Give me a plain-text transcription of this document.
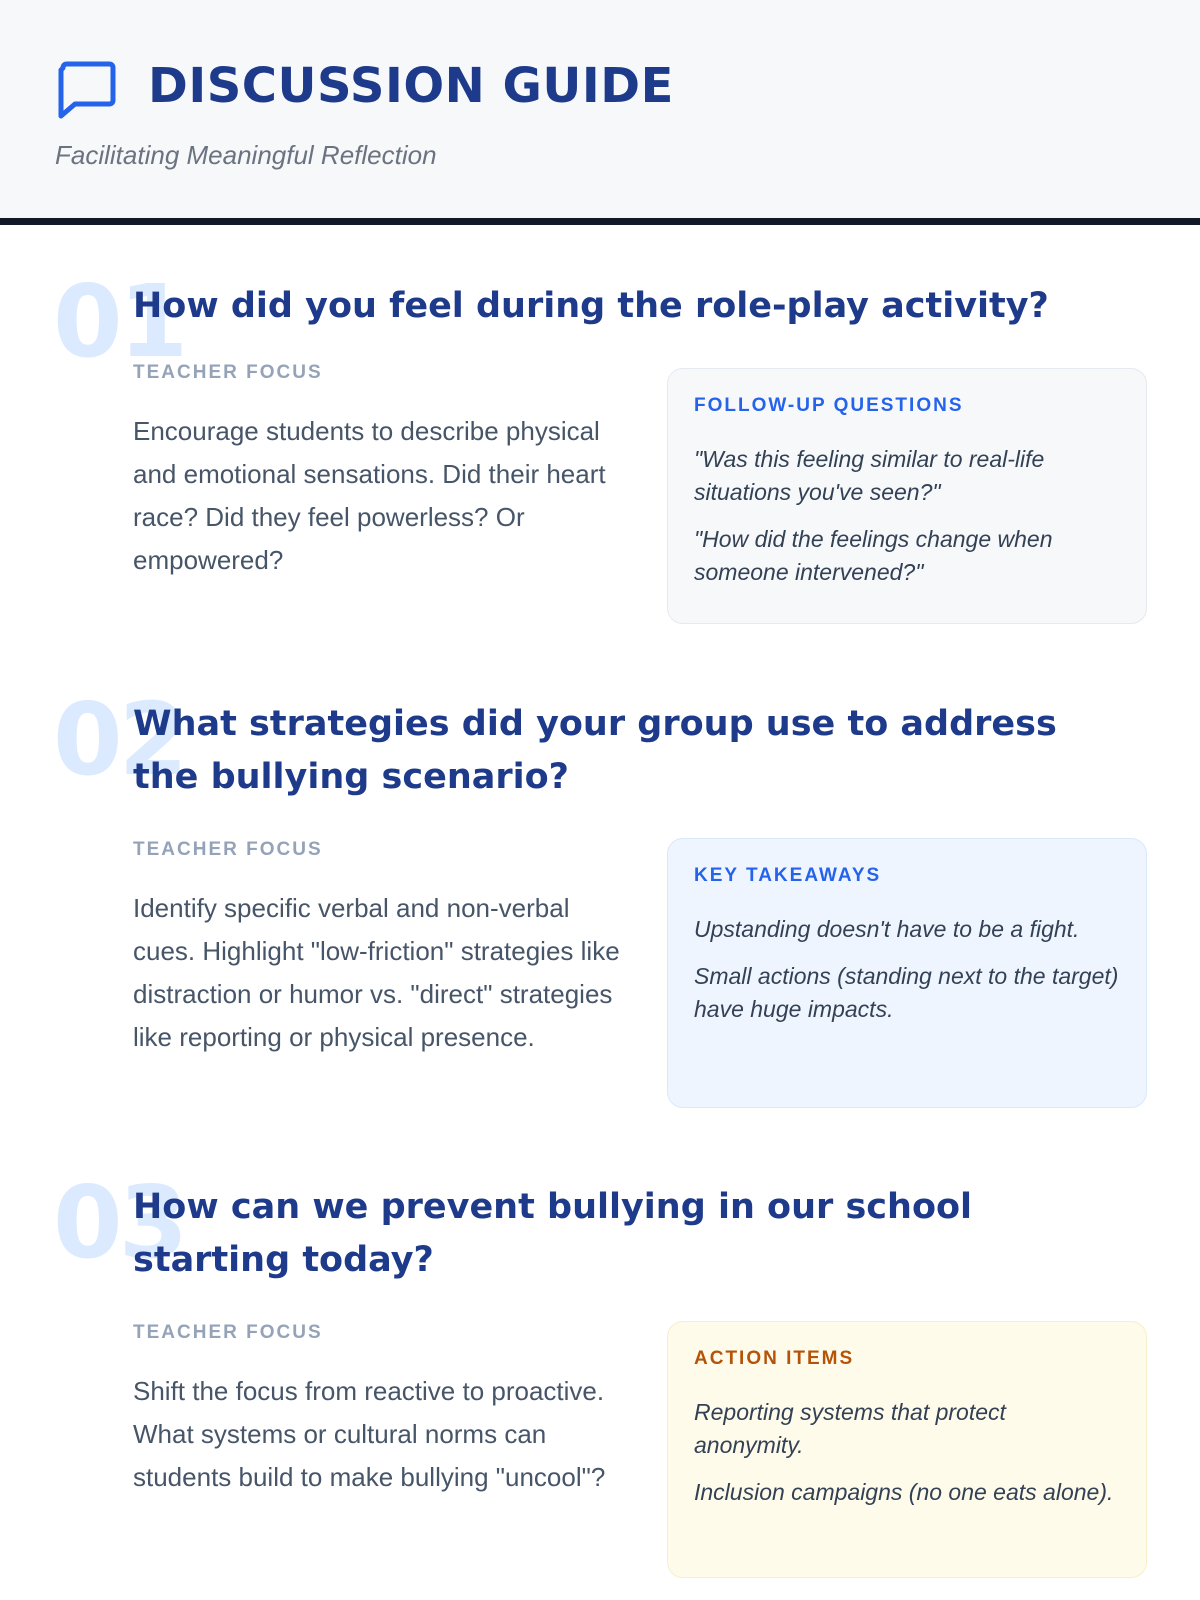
DISCUSSION GUIDE
Facilitating Meaningful Reflection
01
How did you feel during the role-play activity?
TEACHER FOCUS
Encourage students to describe physical and emotional sensations. Did their heart race? Did they feel powerless? Or empowered?
FOLLOW-UP QUESTIONS
"Was this feeling similar to real-life situations you've seen?"
"How did the feelings change when someone intervened?"
02
What strategies did your group use to address the bullying scenario?
TEACHER FOCUS
Identify specific verbal and non-verbal cues. Highlight "low-friction" strategies like distraction or humor vs. "direct" strategies like reporting or physical presence.
KEY TAKEAWAYS
Upstanding doesn't have to be a fight.
Small actions (standing next to the target) have huge impacts.
03
How can we prevent bullying in our school starting today?
TEACHER FOCUS
Shift the focus from reactive to proactive. What systems or cultural norms can students build to make bullying "uncool"?
ACTION ITEMS
Reporting systems that protect anonymity.
Inclusion campaigns (no one eats alone).
